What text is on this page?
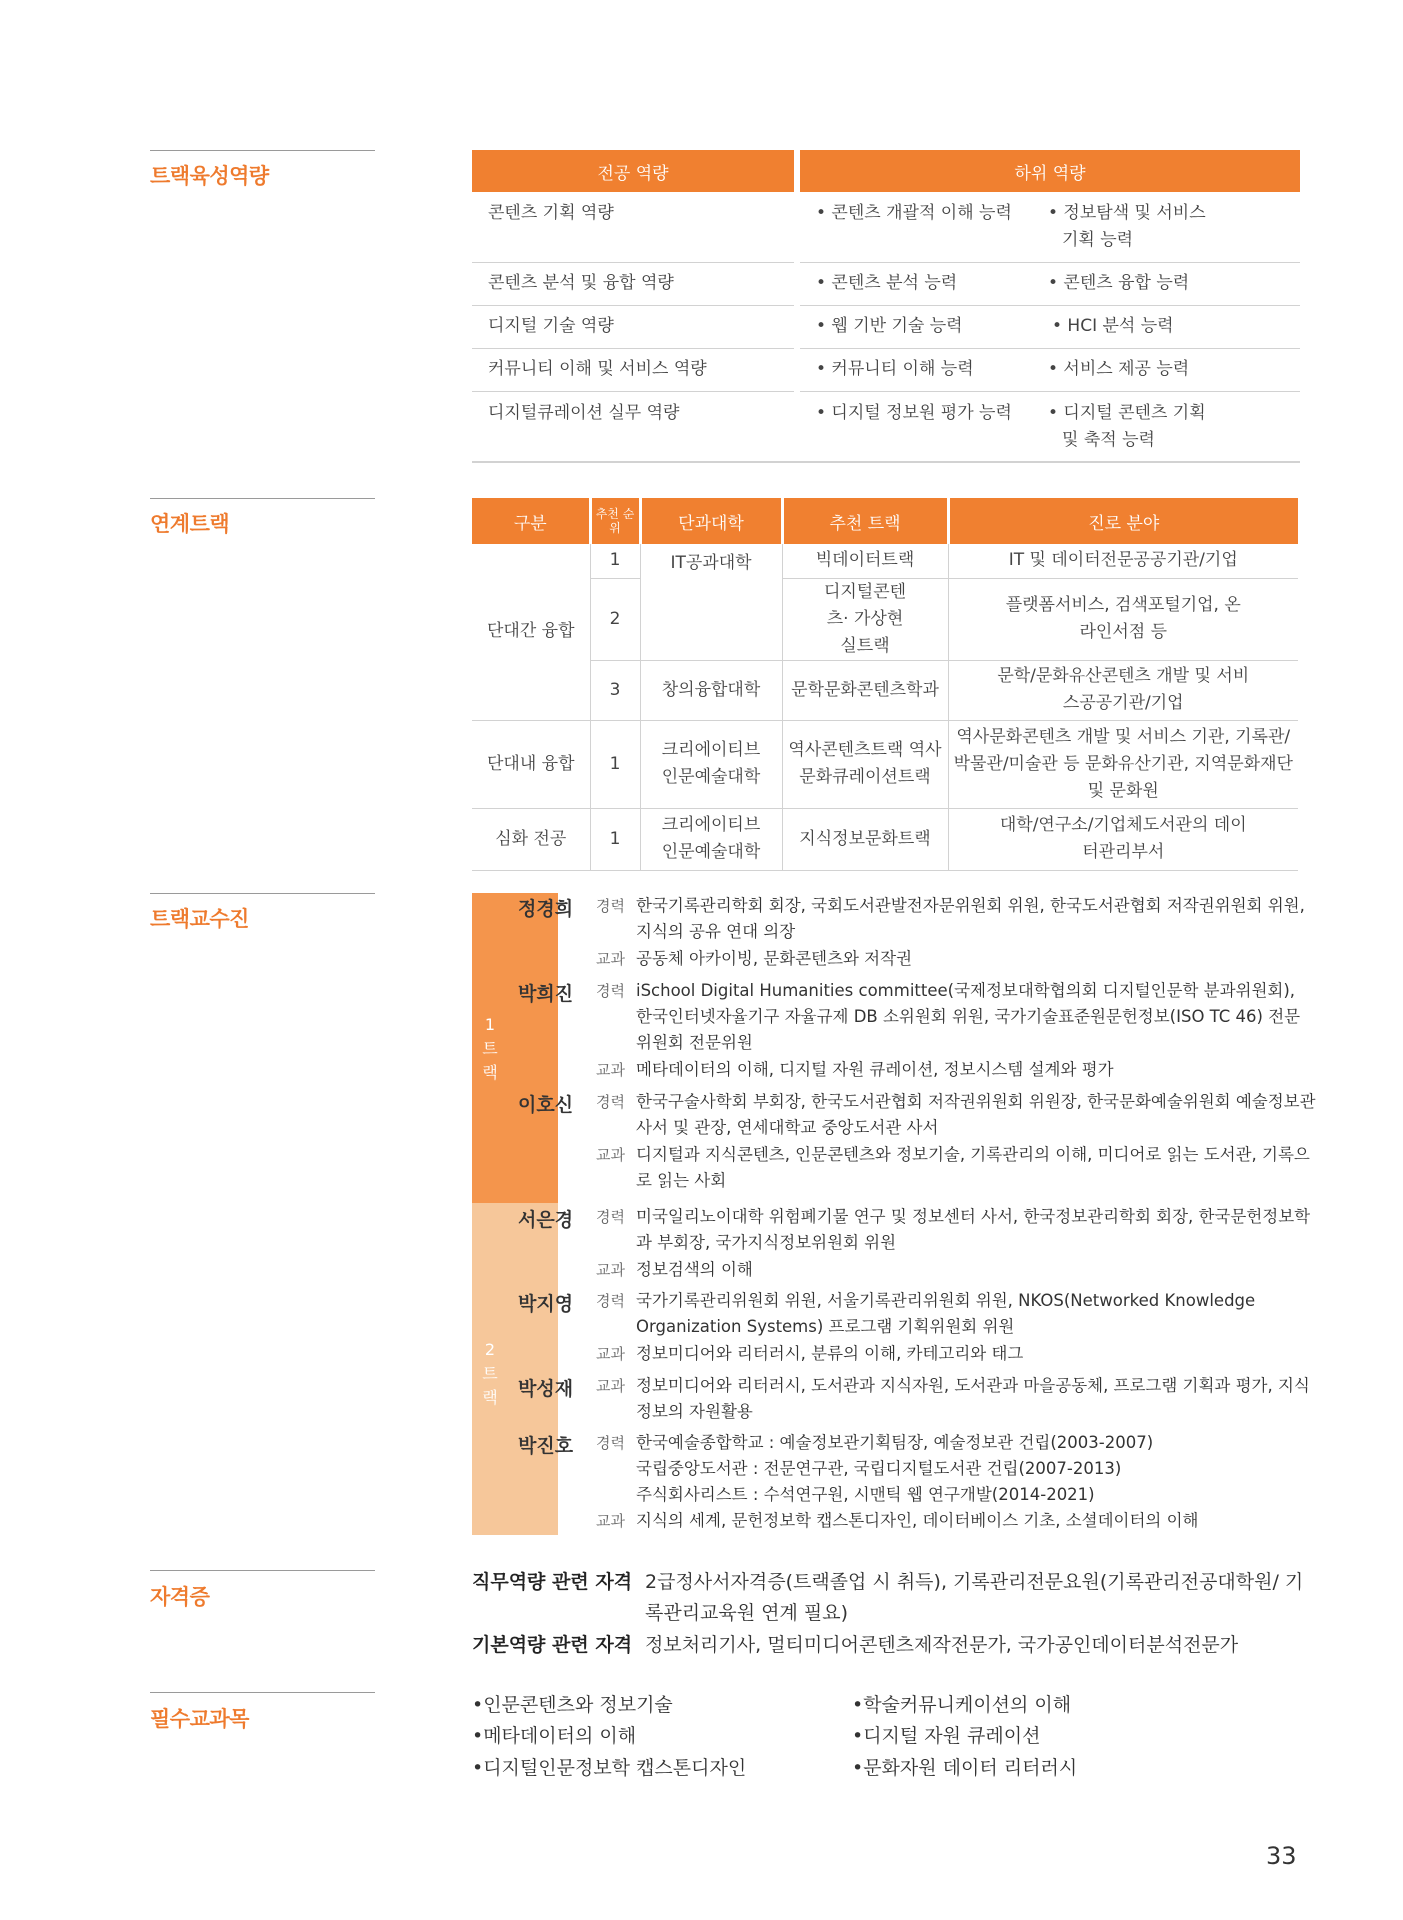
트랙육성역량
연계트랙
트랙교수진
자격증
필수교과목
전공 역량		하위 역량	
콘텐츠 기획 역량		• 콘텐츠 개괄적 이해 능력	• 정보탐색 및 서비스
기획 능력

콘텐츠 분석 및 융합 역량		• 콘텐츠 분석 능력	• 콘텐츠 융합 능력
디지털 기술 역량		• 웹 기반 기술 능력	• HCI 분석 능력
커뮤니티 이해 및 서비스 역량		• 커뮤니티 이해 능력	• 서비스 제공 능력
디지털큐레이션 실무 역량		• 디지털 정보원 평가 능력	• 디지털 콘텐츠 기획
및 축적 능력
구분	추천 순위	단과대학	추천 트랙	진로 분야
단대간 융합	1	IT공과대학	빅데이터트랙	IT 및 데이터전문공공기관/기업
	2		디지털콘텐츠· 가상현실트랙	플랫폼서비스, 검색포털기업, 온라인서점 등
	3	창의융합대학	문학문화콘텐츠학과	문학/문화유산콘텐츠 개발 및 서비스공공기관/기업
단대내 융합	1	크리에이티브 인문예술대학	역사콘텐츠트랙 역사문화큐레이션트랙	역사문화콘텐츠 개발 및 서비스 기관, 기록관/박물관/미술관 등 문화유산기관, 지역문화재단 및 문화원
심화 전공	1	크리에이티브 인문예술대학	지식정보문화트랙	대학/연구소/기업체도서관의 데이터관리부서
1 트 랙
2 트 랙
정경희	경력 한국기록관리학회 회장, 국회도서관발전자문위원회 위원, 한국도서관협회 저작권위원회 위원, 지식의 공유 연대 의장
교과 공동체 아카이빙, 문화콘텐츠와 저작권
박희진	경력 iSchool Digital Humanities committee(국제정보대학협의회 디지털인문학 분과위원회), 한국인터넷자율기구 자율규제 DB 소위원회 위원, 국가기술표준원문헌정보(ISO TC 46) 전문위원회 전문위원
교과 메타데이터의 이해, 디지털 자원 큐레이션, 정보시스템 설계와 평가
이호신	경력 한국구술사학회 부회장, 한국도서관협회 저작권위원회 위원장, 한국문화예술위원회 예술정보관 사서 및 관장, 연세대학교 중앙도서관 사서
교과 디지털과 지식콘텐츠, 인문콘텐츠와 정보기술, 기록관리의 이해, 미디어로 읽는 도서관, 기록으로 읽는 사회
서은경	경력 미국일리노이대학 위험폐기물 연구 및 정보센터 사서, 한국정보관리학회 회장, 한국문헌정보학과 부회장, 국가지식정보위원회 위원
교과 정보검색의 이해
박지영	경력 국가기록관리위원회 위원, 서울기록관리위원회 위원, NKOS(Networked Knowledge Organization Systems) 프로그램 기획위원회 위원
교과 정보미디어와 리터러시, 분류의 이해, 카테고리와 태그
박성재	교과 정보미디어와 리터러시, 도서관과 지식자원, 도서관과 마을공동체, 프로그램 기획과 평가, 지식정보의 자원활용
박진호	경력 한국예술종합학교 : 예술정보관기획팀장, 예술정보관 건립(2003-2007)
국립중앙도서관 : 전문연구관, 국립디지털도서관 건립(2007-2013)
주식회사리스트 : 수석연구원, 시맨틱 웹 연구개발(2014-2021)
교과 지식의 세계, 문헌정보학 캡스톤디자인, 데이터베이스 기초, 소셜데이터의 이해
직무역량 관련 자격 2급정사서자격증(트랙졸업 시 취득), 기록관리전문요원(기록관리전공대학원/ 기록관리교육원 연계 필요)
기본역량 관련 자격 정보처리기사, 멀티미디어콘텐츠제작전문가, 국가공인데이터분석전문가
•인문콘텐츠와 정보기술	•학술커뮤니케이션의 이해
•메타데이터의 이해	•디지털 자원 큐레이션
•디지털인문정보학 캡스톤디자인	•문화자원 데이터 리터러시
33
